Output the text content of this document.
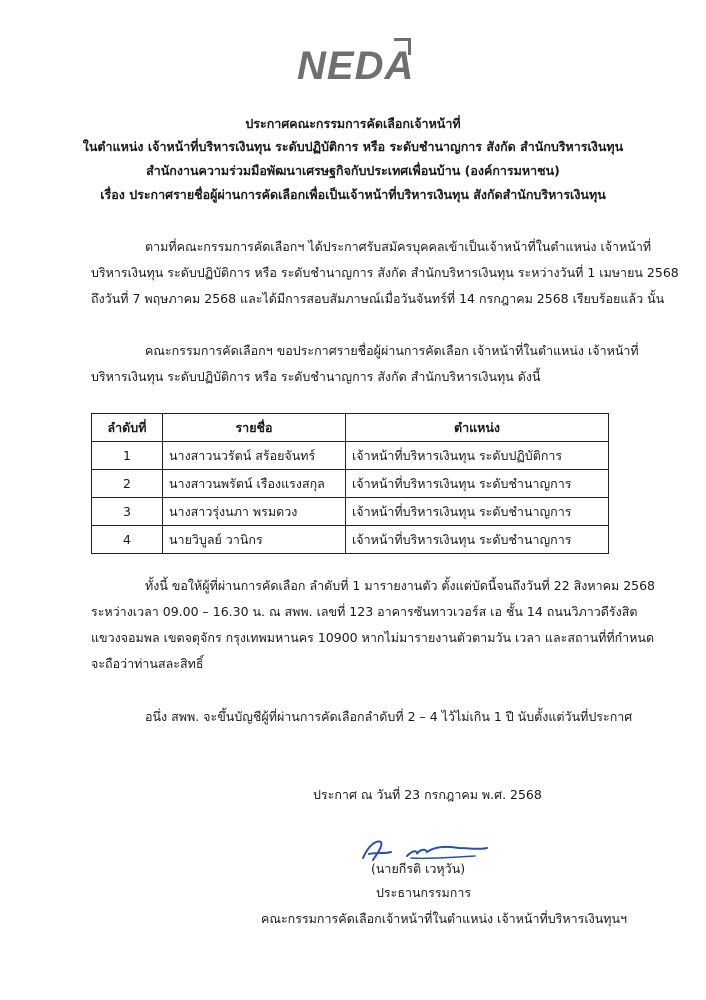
NEDA
ประกาศคณะกรรมการคัดเลือกเจ้าหน้าที่
ในตำแหน่ง เจ้าหน้าที่บริหารเงินทุน ระดับปฏิบัติการ หรือ ระดับชำนาญการ สังกัด สำนักบริหารเงินทุน
สำนักงานความร่วมมือพัฒนาเศรษฐกิจกับประเทศเพื่อนบ้าน (องค์การมหาชน)
เรื่อง ประกาศรายชื่อผู้ผ่านการคัดเลือกเพื่อเป็นเจ้าหน้าที่บริหารเงินทุน สังกัดสำนักบริหารเงินทุน
ตามที่คณะกรรมการคัดเลือกฯ ได้ประกาศรับสมัครบุคคลเข้าเป็นเจ้าหน้าที่ในตำแหน่ง เจ้าหน้าที่
บริหารเงินทุน ระดับปฏิบัติการ หรือ ระดับชำนาญการ สังกัด สำนักบริหารเงินทุน ระหว่างวันที่ 1 เมษายน 2568
ถึงวันที่ 7 พฤษภาคม 2568 และได้มีการสอบสัมภาษณ์เมื่อวันจันทร์ที่ 14 กรกฎาคม 2568 เรียบร้อยแล้ว นั้น
คณะกรรมการคัดเลือกฯ ขอประกาศรายชื่อผู้ผ่านการคัดเลือก เจ้าหน้าที่ในตำแหน่ง เจ้าหน้าที่
บริหารเงินทุน ระดับปฏิบัติการ หรือ ระดับชำนาญการ สังกัด สำนักบริหารเงินทุน ดังนี้
ลำดับที่	รายชื่อ	ตำแหน่ง
1	นางสาวนวรัตน์ สร้อยจันทร์	เจ้าหน้าที่บริหารเงินทุน ระดับปฏิบัติการ
2	นางสาวนพรัตน์ เรืองแรงสกุล	เจ้าหน้าที่บริหารเงินทุน ระดับชำนาญการ
3	นางสาวรุ่งนภา พรมดวง	เจ้าหน้าที่บริหารเงินทุน ระดับชำนาญการ
4	นายวิบูลย์ วานิกร	เจ้าหน้าที่บริหารเงินทุน ระดับชำนาญการ
ทั้งนี้ ขอให้ผู้ที่ผ่านการคัดเลือก ลำดับที่ 1 มารายงานตัว ตั้งแต่บัดนี้จนถึงวันที่ 22 สิงหาคม 2568
ระหว่างเวลา 09.00 – 16.30 น. ณ สพพ. เลขที่ 123 อาคารซันทาวเวอร์ส เอ ชั้น 14 ถนนวิภาวดีรังสิต
แขวงจอมพล เขตจตุจักร กรุงเทพมหานคร 10900 หากไม่มารายงานตัวตามวัน เวลา และสถานที่ที่กำหนด
จะถือว่าท่านสละสิทธิ์
อนึ่ง สพพ. จะขึ้นบัญชีผู้ที่ผ่านการคัดเลือกลำดับที่ 2 – 4 ไว้ไม่เกิน 1 ปี นับตั้งแต่วันที่ประกาศ
ประกาศ ณ วันที่ 23 กรกฎาคม พ.ศ. 2568
(นายกีรติ เวหุวัน)
ประธานกรรมการ
คณะกรรมการคัดเลือกเจ้าหน้าที่ในตำแหน่ง เจ้าหน้าที่บริหารเงินทุนฯ
